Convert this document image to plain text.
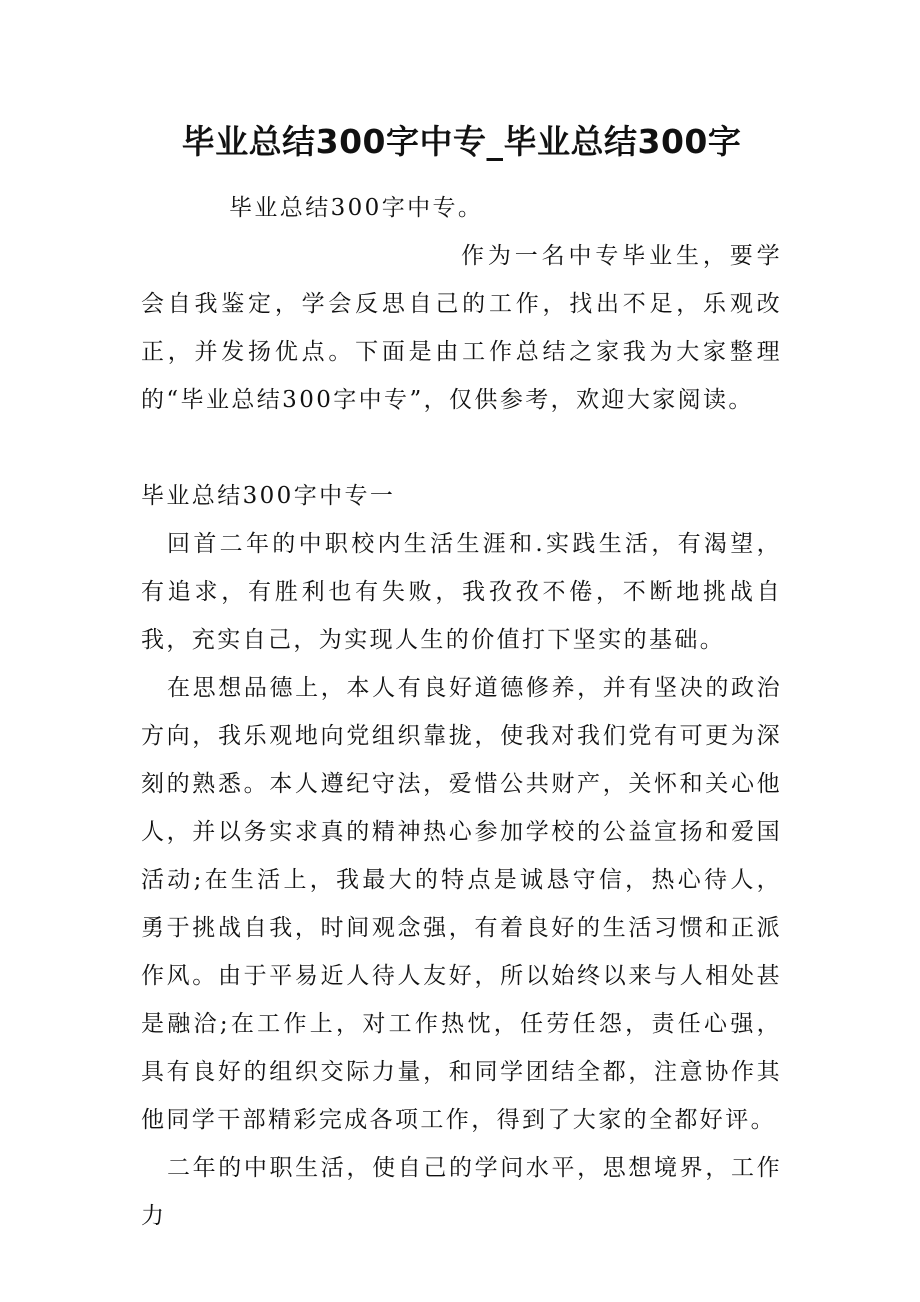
毕业总结300字中专_毕业总结300字

毕业总结300字中专。

作为一名中专毕业生，要学会自我鉴定，学会反思自己的工作，找出不足，乐观改正，并发扬优点。下面是由工作总结之家我为大家整理的“毕业总结300字中专”，仅供参考，欢迎大家阅读。

毕业总结300字中专一

回首二年的中职校内生活生涯和.实践生活，有渴望，有追求，有胜利也有失败，我孜孜不倦，不断地挑战自我，充实自己，为实现人生的价值打下坚实的基础。

在思想品德上，本人有良好道德修养，并有坚决的政治方向，我乐观地向党组织靠拢，使我对我们党有可更为深刻的熟悉。本人遵纪守法，爱惜公共财产，关怀和关心他人，并以务实求真的精神热心参加学校的公益宣扬和爱国活动;在生活上，我最大的特点是诚恳守信，热心待人，勇于挑战自我，时间观念强，有着良好的生活习惯和正派作风。由于平易近人待人友好，所以始终以来与人相处甚是融洽;在工作上，对工作热忱，任劳任怨，责任心强，具有良好的组织交际力量，和同学团结全都，注意协作其他同学干部精彩完成各项工作，得到了大家的全都好评。

二年的中职生活，使自己的学问水平，思想境界，工作力
